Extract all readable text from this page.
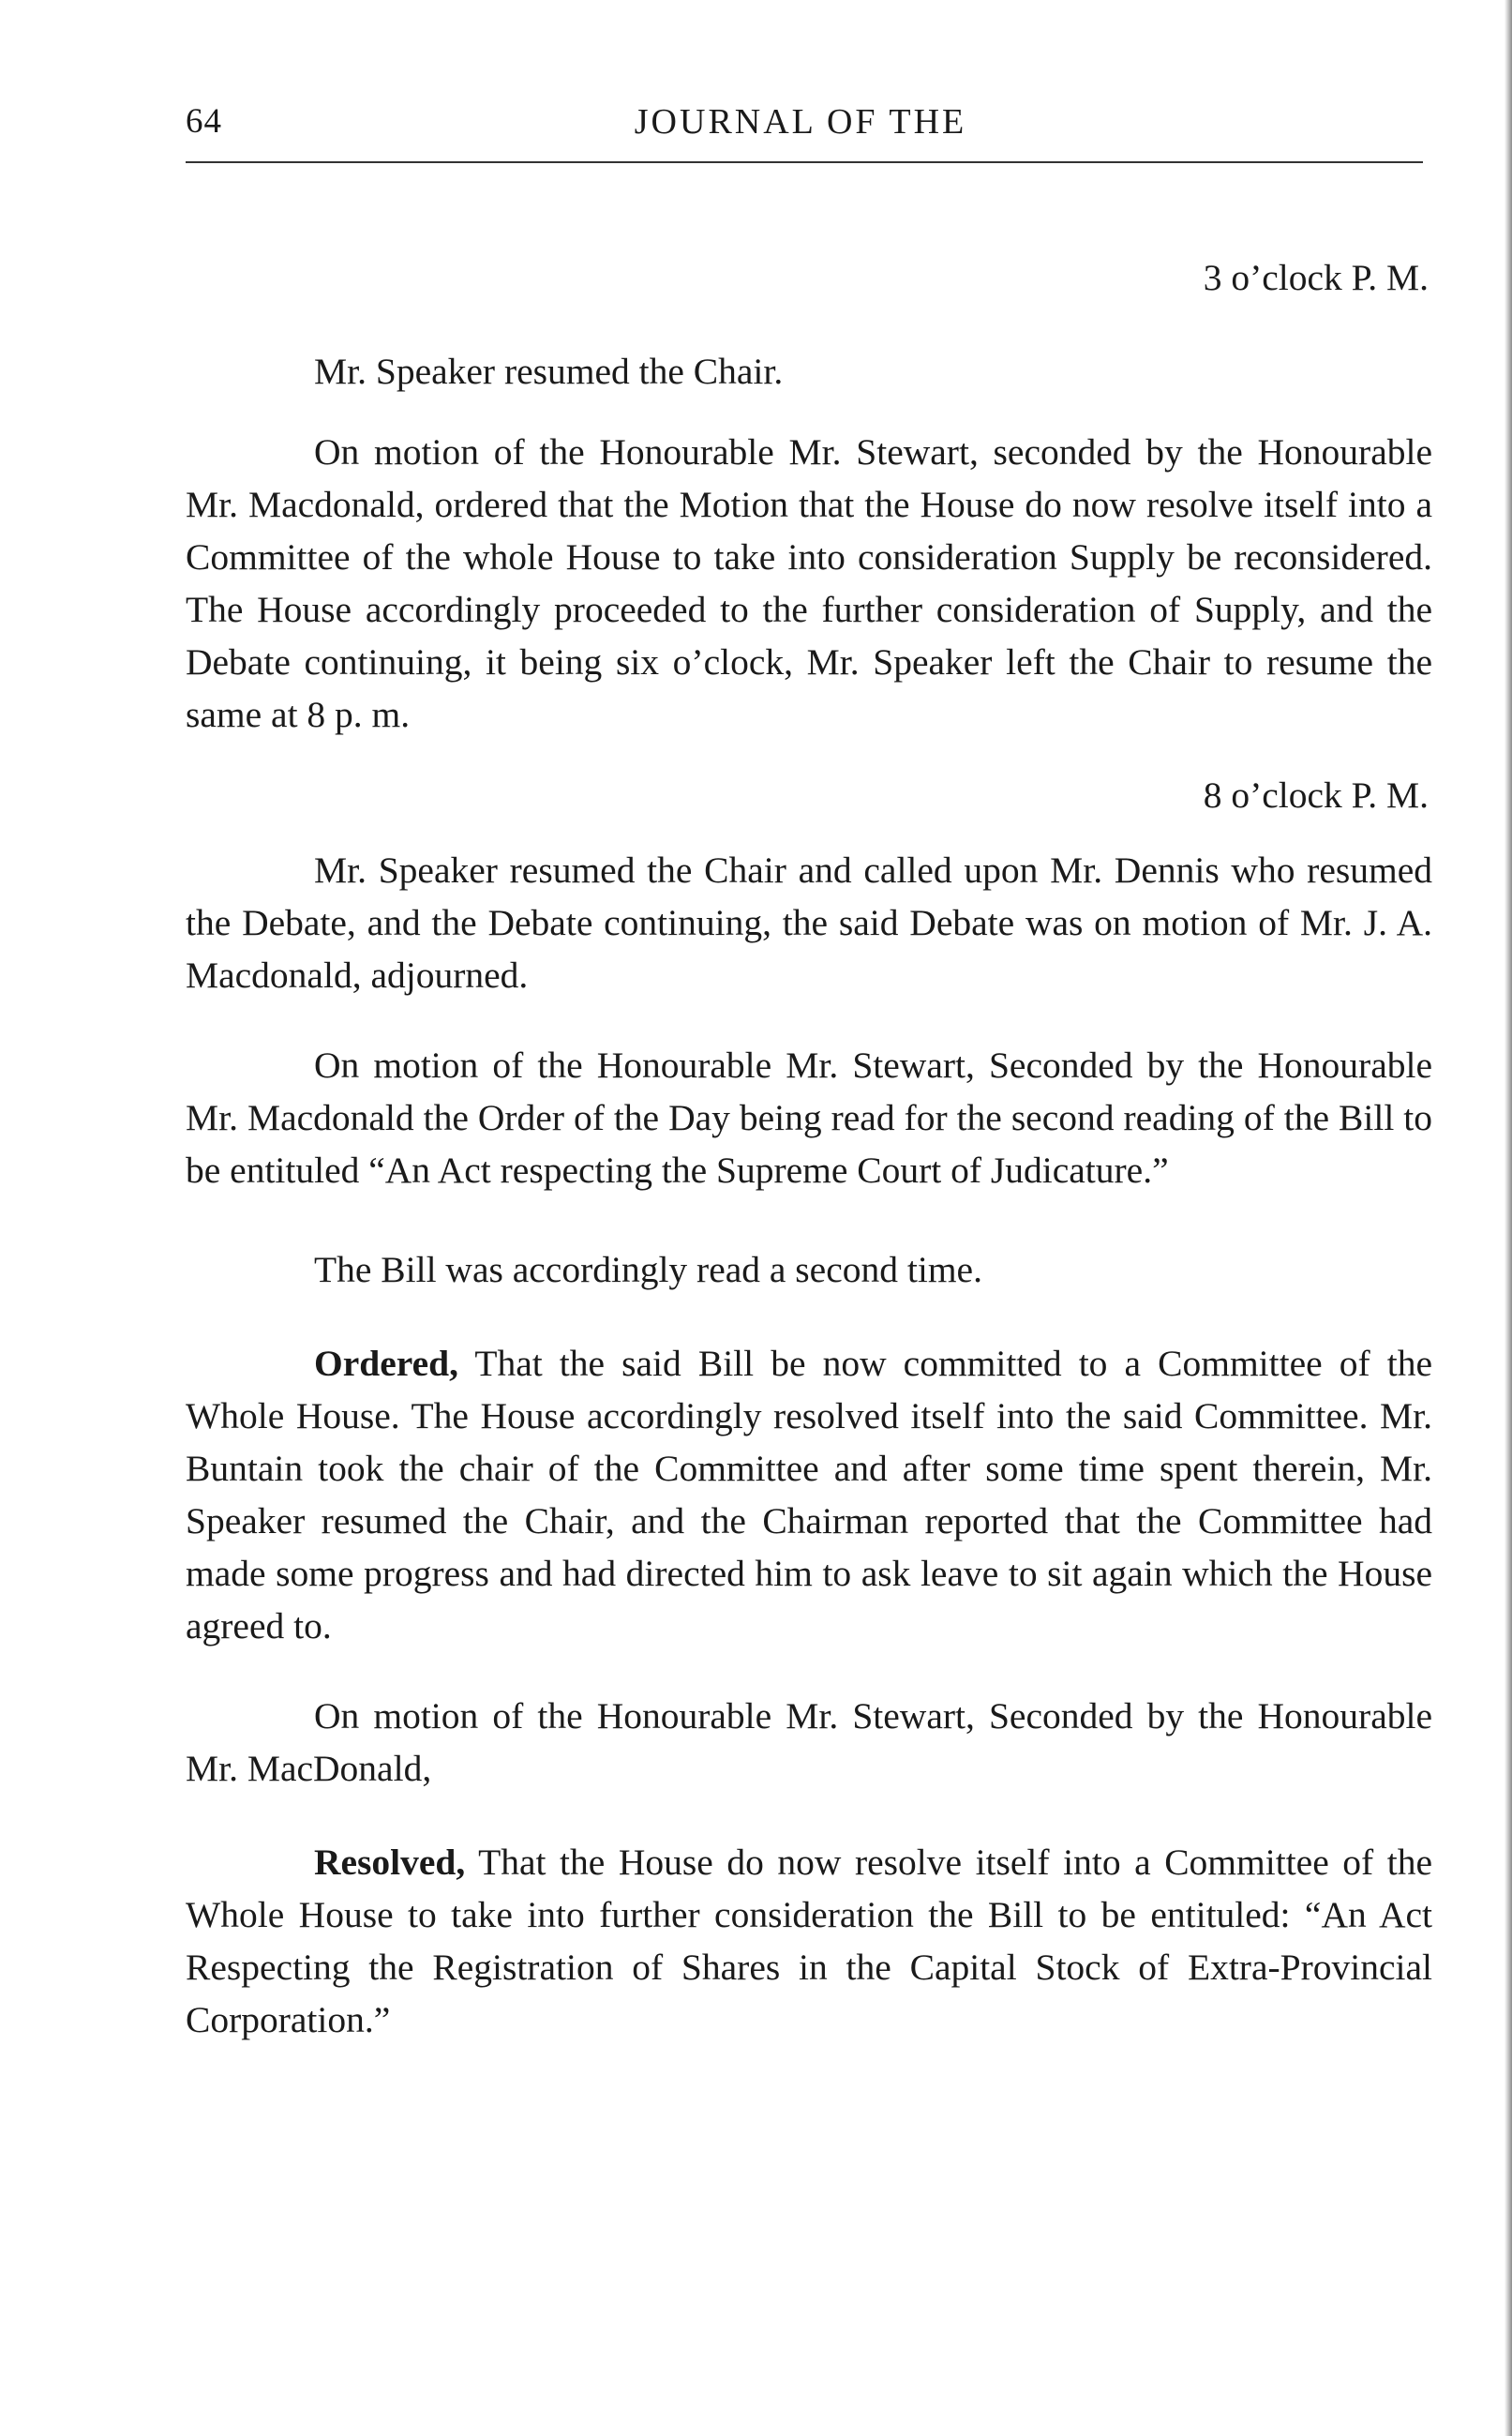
64	JOURNAL OF THE

3 o’clock P. M.

Mr. Speaker resumed the Chair.

On motion of the Honourable Mr. Stewart, seconded by the Honourable Mr. Macdonald, ordered that the Motion that the House do now resolve itself into a Committee of the whole House to take into consideration Supply be reconsidered. The House accordingly proceeded to the further consideration of Supply, and the Debate continuing, it being six o’clock, Mr. Speaker left the Chair to resume the same at 8 p. m.

8 o’clock P. M.

Mr. Speaker resumed the Chair and called upon Mr. Dennis who resumed the Debate, and the Debate continuing, the said Debate was on motion of Mr. J. A. Macdonald, adjourned.

On motion of the Honourable Mr. Stewart, Seconded by the Honourable Mr. Macdonald the Order of the Day being read for the second reading of the Bill to be entituled “An Act respecting the Supreme Court of Judicature.”

The Bill was accordingly read a second time.

Ordered, That the said Bill be now committed to a Committee of the Whole House. The House accordingly resolved itself into the said Committee. Mr. Buntain took the chair of the Committee and after some time spent therein, Mr. Speaker resumed the Chair, and the Chairman reported that the Committee had made some progress and had directed him to ask leave to sit again which the House agreed to.

On motion of the Honourable Mr. Stewart, Seconded by the Honourable Mr. MacDonald,

Resolved, That the House do now resolve itself into a Committee of the Whole House to take into further consideration the Bill to be entituled: “An Act Respecting the Registration of Shares in the Capital Stock of Extra-Provincial Corporation.”
